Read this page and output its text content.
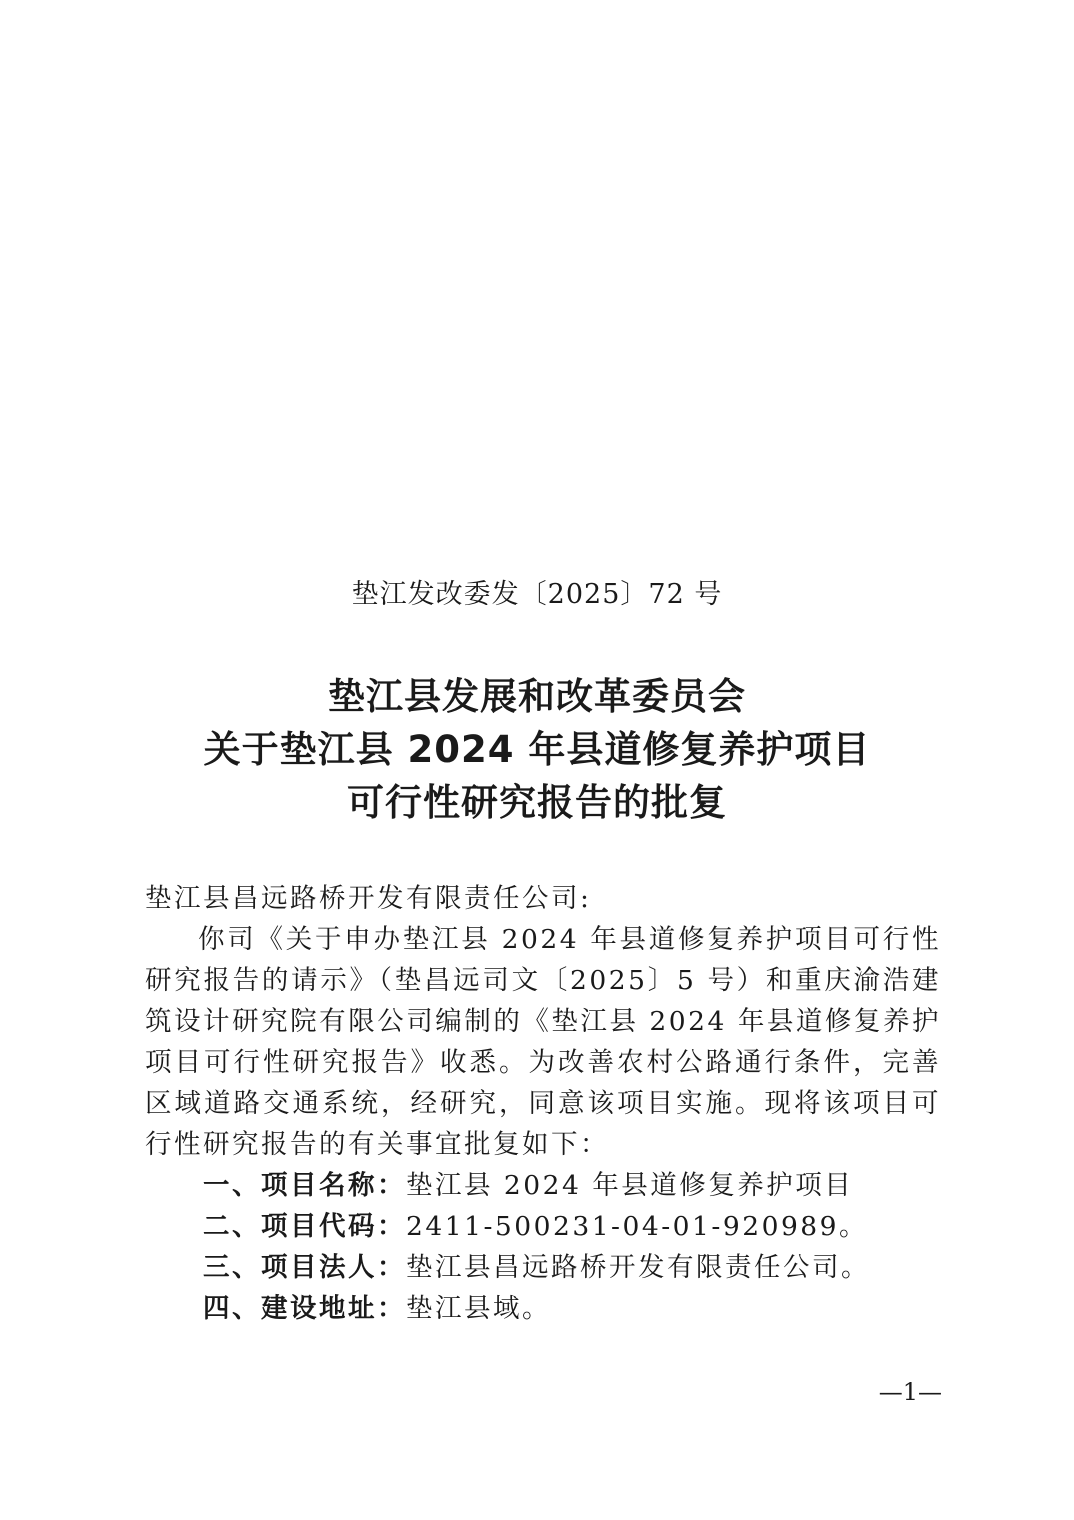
垫江发改委发〔2025〕72 号
垫江县发展和改革委员会
关于垫江县 2024 年县道修复养护项目
可行性研究报告的批复

垫江县昌远路桥开发有限责任公司:

你司《关于申办垫江县 2024 年县道修复养护项目可行性研究报告的请示》（垫昌远司文〔2025〕5 号）和重庆渝浩建筑设计研究院有限公司编制的《垫江县 2024 年县道修复养护项目可行性研究报告》收悉。为改善农村公路通行条件，完善区域道路交通系统，经研究，同意该项目实施。现将该项目可行性研究报告的有关事宜批复如下：

一、项目名称：垫江县 2024 年县道修复养护项目

二、项目代码：2411-500231-04-01-920989。

三、项目法人：垫江县昌远路桥开发有限责任公司。

四、建设地址：垫江县域。

—1—
